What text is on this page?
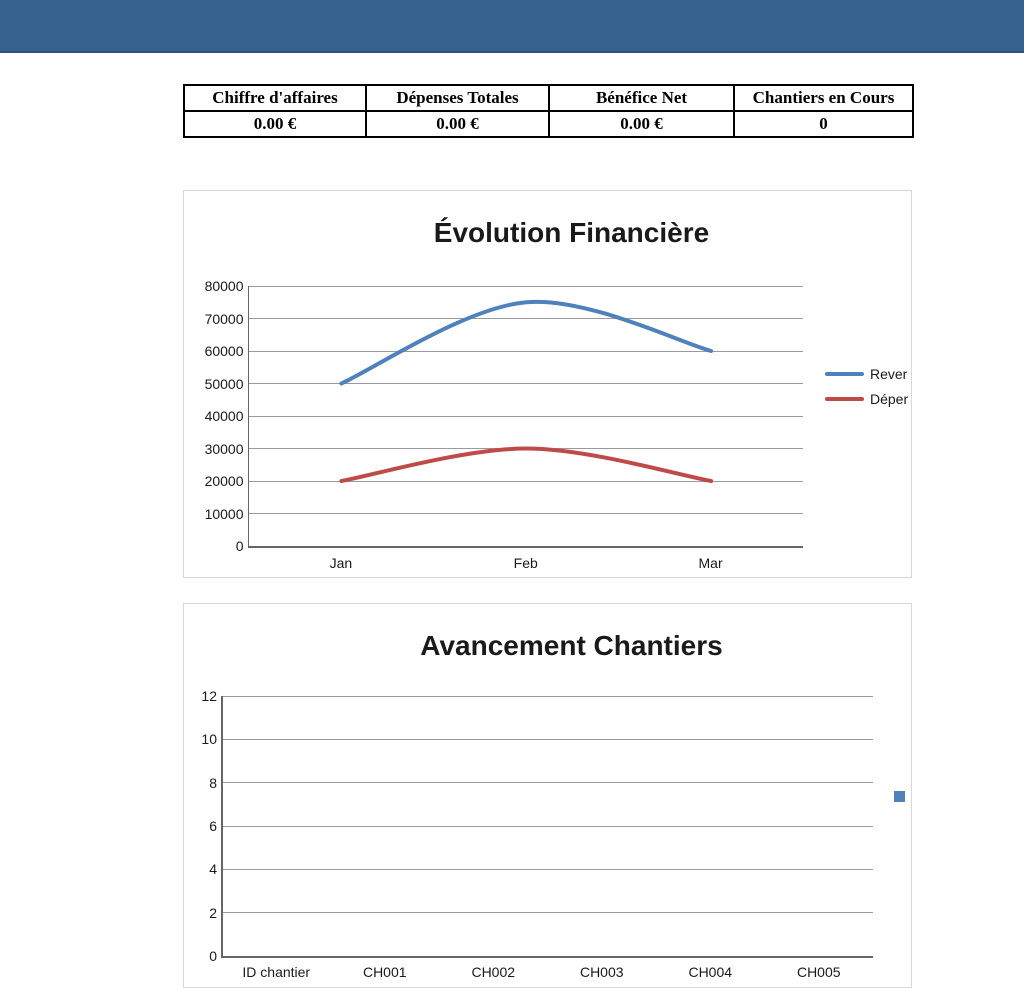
Chiffre d'affaires	Dépenses Totales	Bénéfice Net	Chantiers en Cours
0.00 €	0.00 €	0.00 €	0
Évolution Financière
80000
70000
60000
50000
40000
30000
20000
10000
0
Jan	Feb	Mar
Rever
Déper
Avancement Chantiers
12
10
8
6
4
2
0
ID chantier	CH001	CH002	CH003	CH004	CH005
